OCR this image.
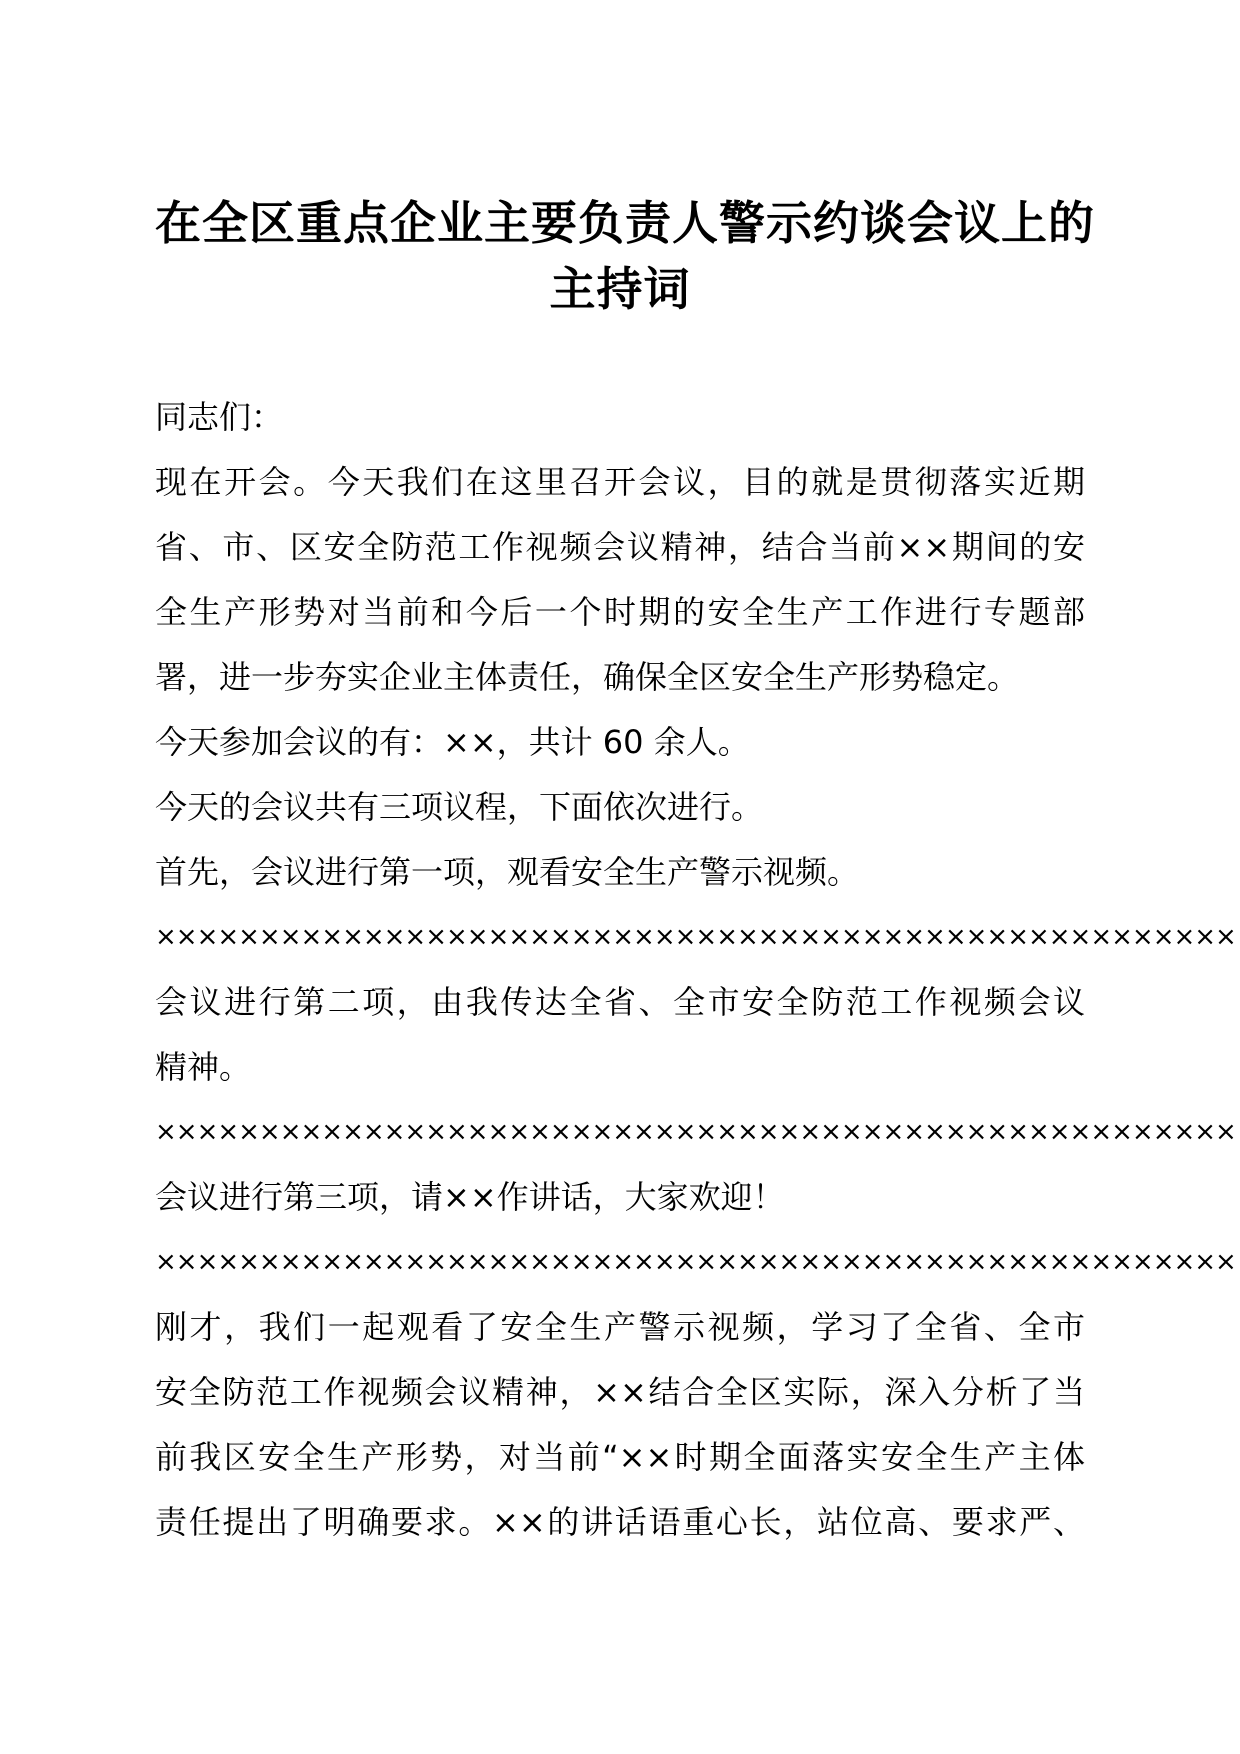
在全区重点企业主要负责人警示约谈会议上的
主持词
同志们：
现在开会。今天我们在这里召开会议，目的就是贯彻落实近期
省、市、区安全防范工作视频会议精神，结合当前××期间的安
全生产形势对当前和今后一个时期的安全生产工作进行专题部
署，进一步夯实企业主体责任，确保全区安全生产形势稳定。
今天参加会议的有：××，共计 60 余人。
今天的会议共有三项议程，下面依次进行。
首先，会议进行第一项，观看安全生产警示视频。
××××××××××××××××××××××××××××××××××××××××××××××××××××
会议进行第二项，由我传达全省、全市安全防范工作视频会议
精神。
××××××××××××××××××××××××××××××××××××××××××××××××××××
会议进行第三项，请××作讲话，大家欢迎！
××××××××××××××××××××××××××××××××××××××××××××××××××××
刚才，我们一起观看了安全生产警示视频，学习了全省、全市
安全防范工作视频会议精神，××结合全区实际，深入分析了当
前我区安全生产形势，对当前“××时期全面落实安全生产主体
责任提出了明确要求。××的讲话语重心长，站位高、要求严、
